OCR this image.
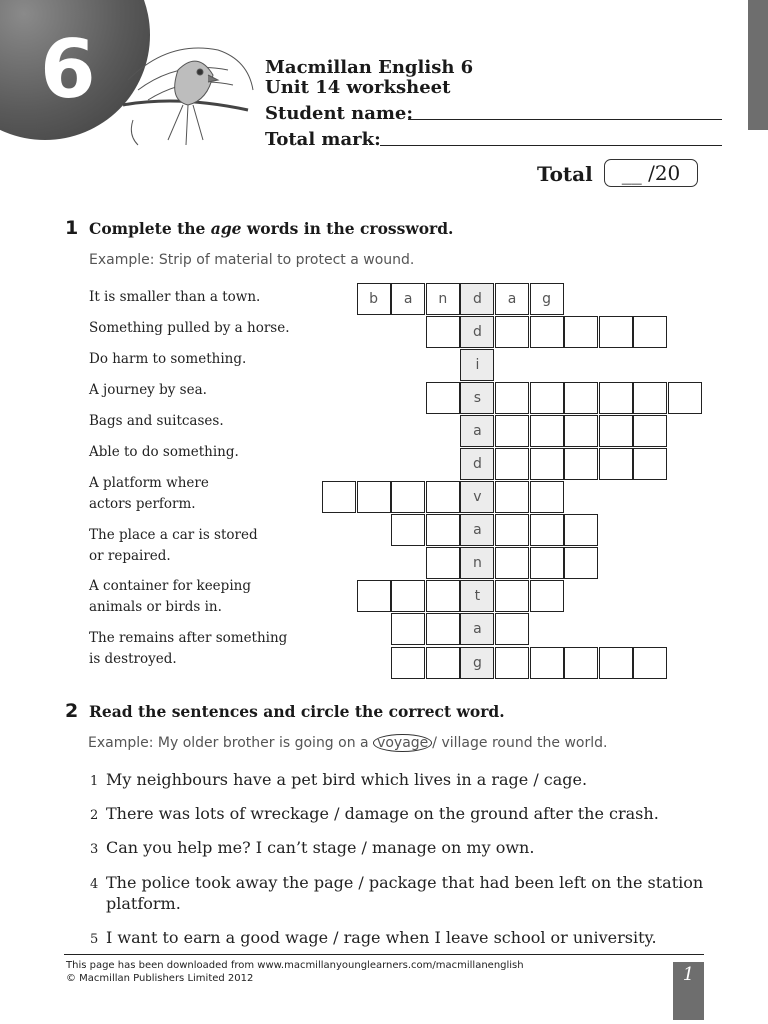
6	Macmillan English 6
Unit 14 worksheet
Student name:
Total mark:
Total	__ /20
1 Complete the age words in the crossword.
Example: Strip of material to protect a wound.
It is smaller than a town.
Something pulled by a horse.
Do harm to something.
A journey by sea.
Bags and suitcases.
Able to do something.
A platform where
actors perform.
The place a car is stored
or repaired.
A container for keeping
animals or birds in.
The remains after something
is destroyed.
b	a	n	d	a	g
d
i
s
a
d
v
a
n
t
a
g
2 Read the sentences and circle the correct word.
Example: My older brother is going on a voyage / village round the world.
1 My neighbours have a pet bird which lives in a rage / cage.
2 There was lots of wreckage / damage on the ground after the crash.
3 Can you help me? I can’t stage / manage on my own.
4 The police took away the page / package that had been left on the station
platform.
5 I want to earn a good wage / rage when I leave school or university.
This page has been downloaded from www.macmillanyounglearners.com/macmillanenglish
© Macmillan Publishers Limited 2012	1
